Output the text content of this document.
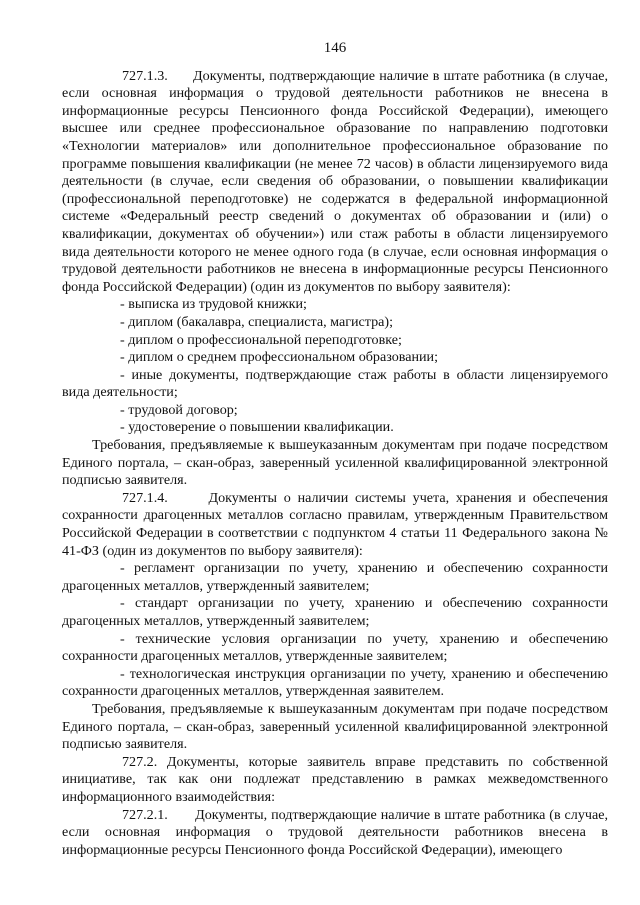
146

727.1.3. Документы, подтверждающие наличие в штате работника (в случае, если основная информация о трудовой деятельности работников не внесена в информационные ресурсы Пенсионного фонда Российской Федерации), имеющего высшее или среднее профессиональное образование по направлению подготовки «Технологии материалов» или дополнительное профессиональное образование по программе повышения квалификации (не менее 72 часов) в области лицензируемого вида деятельности (в случае, если сведения об образовании, о повышении квалификации (профессиональной переподготовке) не содержатся в федеральной информационной системе «Федеральный реестр сведений о документах об образовании и (или) о квалификации, документах об обучении») или стаж работы в области лицензируемого вида деятельности которого не менее одного года (в случае, если основная информация о трудовой деятельности работников не внесена в информационные ресурсы Пенсионного фонда Российской Федерации) (один из документов по выбору заявителя):

- выписка из трудовой книжки;

- диплом (бакалавра, специалиста, магистра);

- диплом о профессиональной переподготовке;

- диплом о среднем профессиональном образовании;

- иные документы, подтверждающие стаж работы в области лицензируемого вида деятельности;

- трудовой договор;

- удостоверение о повышении квалификации.

Требования, предъявляемые к вышеуказанным документам при подаче посредством Единого портала, – скан-образ, заверенный усиленной квалифицированной электронной подписью заявителя.

727.1.4.	Документы о наличии системы учета, хранения и обеспечения сохранности драгоценных металлов согласно правилам, утвержденным Правительством Российской Федерации в соответствии с подпунктом 4 статьи 11 Федерального закона № 41-ФЗ (один из документов по выбору заявителя):

- регламент организации по учету, хранению и обеспечению сохранности драгоценных металлов, утвержденный заявителем;

- стандарт организации по учету, хранению и обеспечению сохранности драгоценных металлов, утвержденный заявителем;

- технические условия организации по учету, хранению и обеспечению сохранности драгоценных металлов, утвержденные заявителем;

- технологическая инструкция организации по учету, хранению и обеспечению сохранности драгоценных металлов, утвержденная заявителем.

Требования, предъявляемые к вышеуказанным документам при подаче посредством Единого портала, – скан-образ, заверенный усиленной квалифицированной электронной подписью заявителя.

727.2. Документы, которые заявитель вправе представить по собственной инициативе, так как они подлежат представлению в рамках межведомственного информационного взаимодействия:

727.2.1. Документы, подтверждающие наличие в штате работника (в случае, если основная информация о трудовой деятельности работников внесена в информационные ресурсы Пенсионного фонда Российской Федерации), имеющего
